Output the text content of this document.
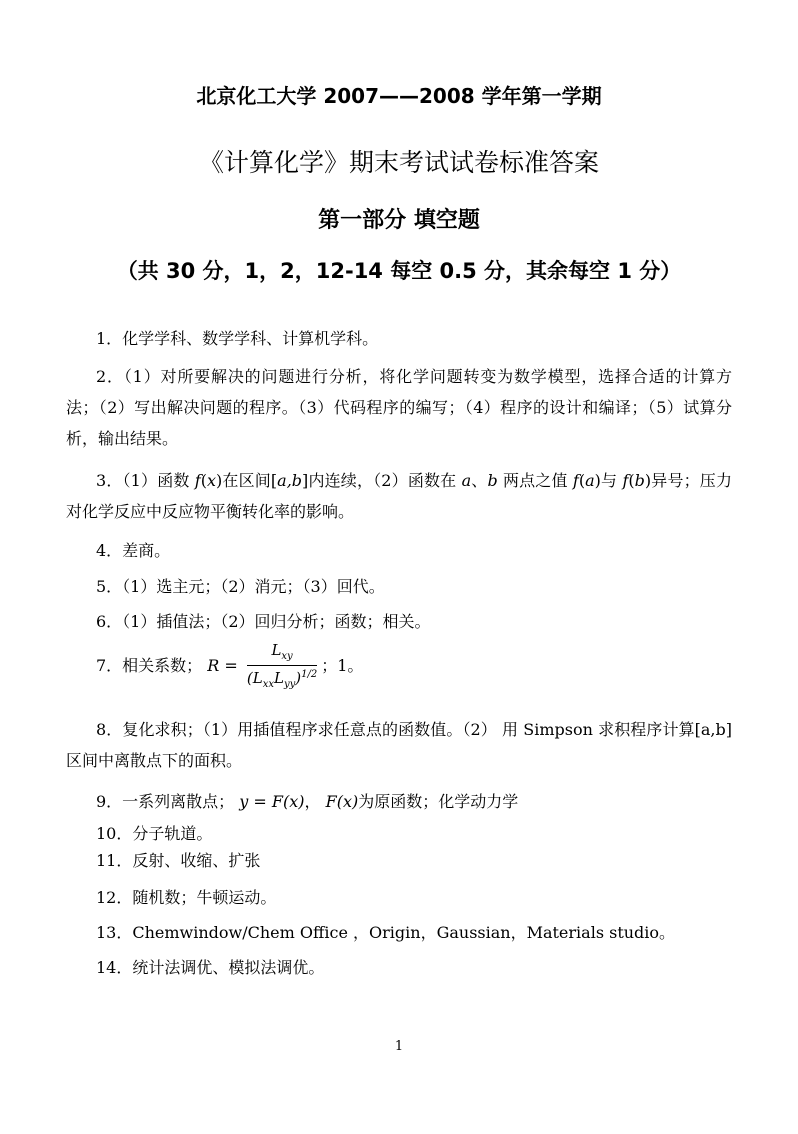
北京化工大学 2007——2008 学年第一学期
《计算化学》期末考试试卷标准答案
第一部分 填空题
（共 30 分，1，2，12-14 每空 0.5 分，其余每空 1 分）
1．化学学科、数学学科、计算机学科。
2．（1）对所要解决的问题进行分析，将化学问题转变为数学模型，选择合适的计算方法；（2）写出解决问题的程序。（3）代码程序的编写；（4）程序的设计和编译；（5）试算分析，输出结果。
3．（1）函数 f(x)在区间[a,b]内连续，（2）函数在 a、b 两点之值 f(a)与 f(b)异号；压力对化学反应中反应物平衡转化率的影响。
4．差商。
5．（1）选主元；（2）消元；（3）回代。
6．（1）插值法；（2）回归分析；函数；相关。
7．相关系数； $R = \frac{L_{xy}}{(L_{xx}L_{yy})^{1/2}}$ ；1。
8．复化求积；（1）用插值程序求任意点的函数值。（2） 用 Simpson 求积程序计算[a,b]区间中离散点下的面积。
9．一系列离散点； y = F(x)， F(x)为原函数；化学动力学
10．分子轨道。
11．反射、收缩、扩张
12．随机数；牛顿运动。
13．Chemwindow/Chem Office ，Origin，Gaussian，Materials studio。
14．统计法调优、模拟法调优。
1
